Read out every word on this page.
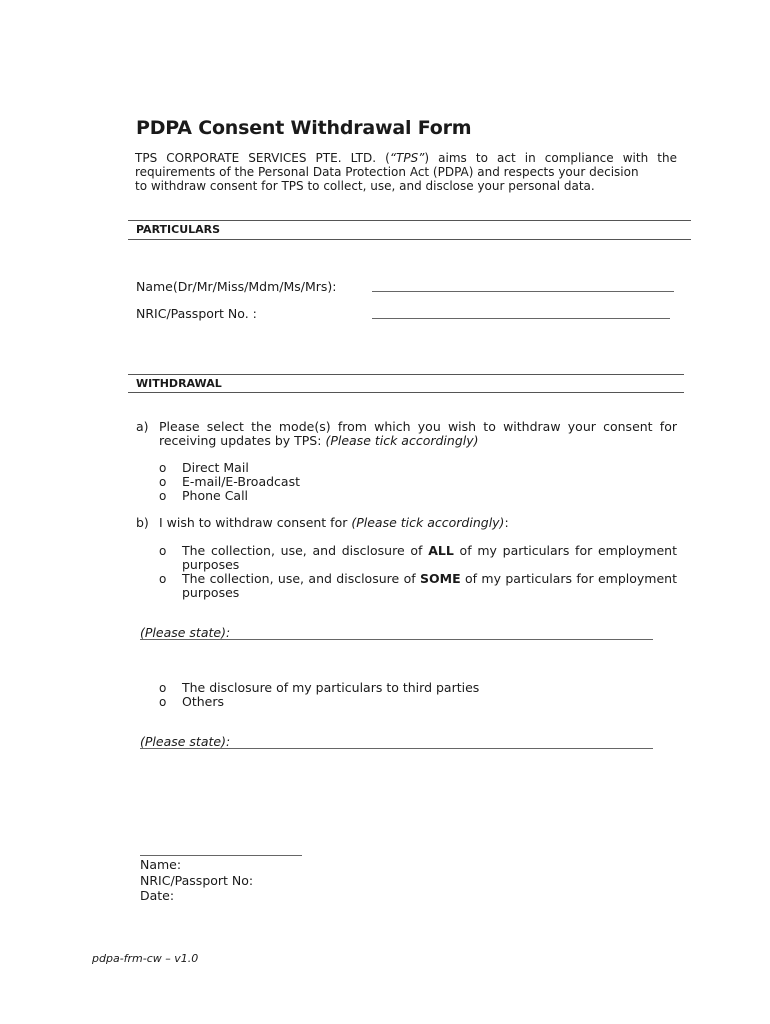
PDPA Consent Withdrawal Form
TPS CORPORATE SERVICES PTE. LTD. (“TPS”) aims to act in compliance with the requirements of the Personal Data Protection Act (PDPA) and respects your decision
to withdraw consent for TPS to collect, use, and disclose your personal data.
PARTICULARS
Name(Dr/Mr/Miss/Mdm/Ms/Mrs):
NRIC/Passport No. :
WITHDRAWAL
a) Please select the mode(s) from which you wish to withdraw your consent for receiving updates by TPS: (Please tick accordingly)
o Direct Mail
o E-mail/E-Broadcast
o Phone Call
b) I wish to withdraw consent for (Please tick accordingly):
o The collection, use, and disclosure of ALL of my particulars for employment purposes
o The collection, use, and disclosure of SOME of my particulars for employment purposes
(Please state):
o The disclosure of my particulars to third parties
o Others
(Please state):
Name:
NRIC/Passport No:
Date:
pdpa-frm-cw – v1.0
